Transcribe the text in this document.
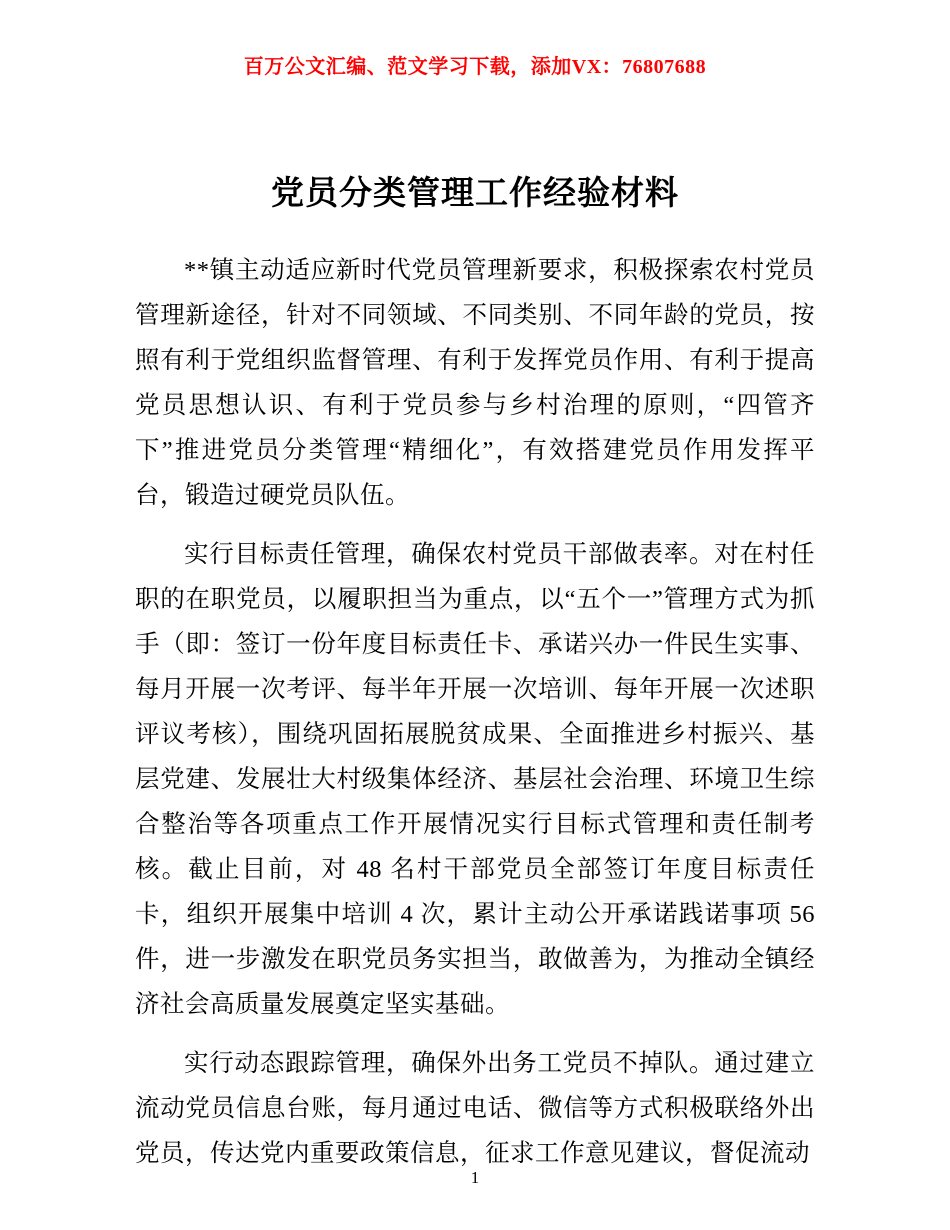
百万公文汇编、范文学习下载，添加VX：76807688
党员分类管理工作经验材料

**镇主动适应新时代党员管理新要求，积极探索农村党员管理新途径，针对不同领域、不同类别、不同年龄的党员，按照有利于党组织监督管理、有利于发挥党员作用、有利于提高党员思想认识、有利于党员参与乡村治理的原则，“四管齐下”推进党员分类管理“精细化”，有效搭建党员作用发挥平台，锻造过硬党员队伍。

实行目标责任管理，确保农村党员干部做表率。对在村任职的在职党员，以履职担当为重点，以“五个一”管理方式为抓手（即：签订一份年度目标责任卡、承诺兴办一件民生实事、每月开展一次考评、每半年开展一次培训、每年开展一次述职评议考核），围绕巩固拓展脱贫成果、全面推进乡村振兴、基层党建、发展壮大村级集体经济、基层社会治理、环境卫生综合整治等各项重点工作开展情况实行目标式管理和责任制考核。截止目前，对 48 名村干部党员全部签订年度目标责任卡，组织开展集中培训 4 次，累计主动公开承诺践诺事项 56 件，进一步激发在职党员务实担当，敢做善为，为推动全镇经济社会高质量发展奠定坚实基础。

实行动态跟踪管理，确保外出务工党员不掉队。通过建立流动党员信息台账，每月通过电话、微信等方式积极联络外出党员，传达党内重要政策信息，征求工作意见建议，督促流动

1
